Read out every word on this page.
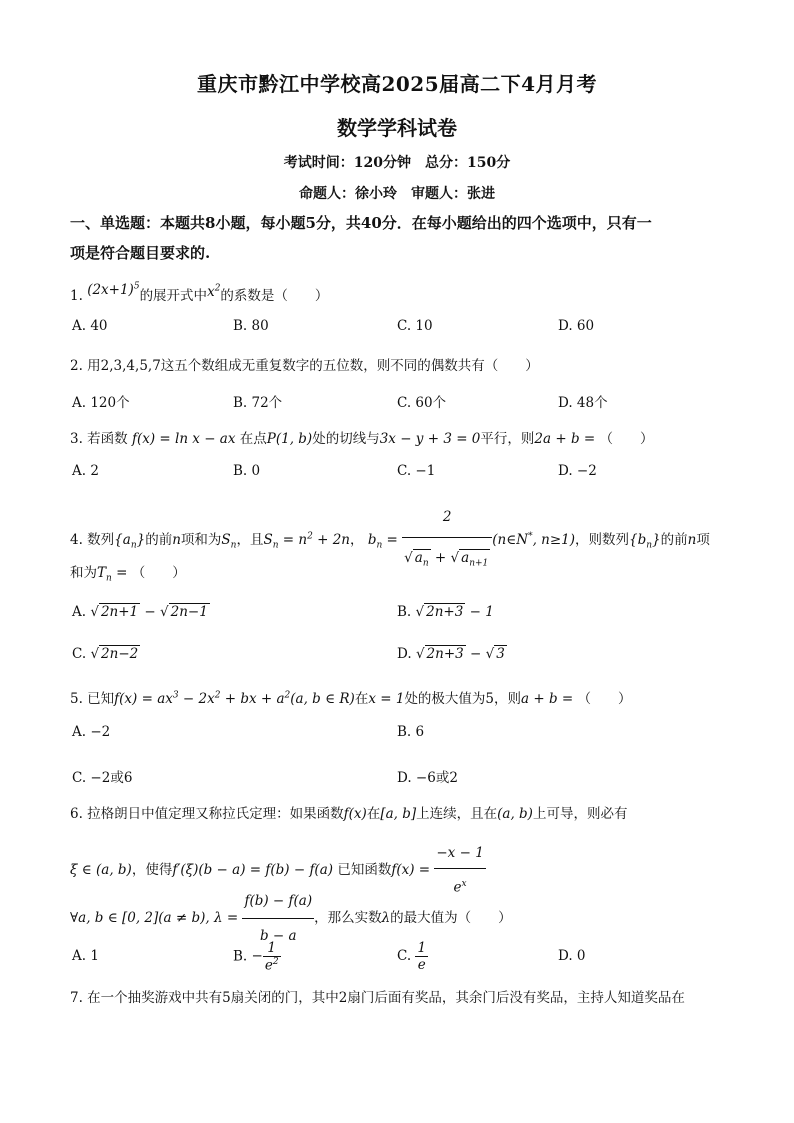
重庆市黔江中学校高2025届高二下4月月考
数学学科试卷
考试时间：120分钟　总分：150分
命题人：徐小玲　审题人：张进
一、单选题：本题共8小题，每小题5分，共40分．在每小题给出的四个选项中，只有一
项是符合题目要求的.
1. $(2x+1)^5$的展开式中$x^2$的系数是（　　）
A. 40	B. 80	C. 10	D. 60
2. 用2,3,4,5,7这五个数组成无重复数字的五位数，则不同的偶数共有（　　）
A. 120个	B. 72个	C. 60个	D. 48个
3. 若函数 f(x) = ln x − ax 在点P(1, b)处的切线与3x − y + 3 = 0平行，则2a + b = （　　）
A. 2	B. 0	C. −1	D. −2
4. 数列$\{a_n\}$的前n项和为$S_n$，且$S_n = n^2 + 2n$， $b_n = \frac{2}{√ a_n + √ a_{n+1}}$ (n∈N*, n≥1)，则数列$\{b_n\}$的前n项
和为$T_n$ = （　　）
A. √ 2n+1 − √ 2n−1	B. √ 2n+3 − 1
C. √ 2n−2	D. √ 2n+3 − √ 3
5. 已知$f(x) = ax^3 - 2x^2$ + bx + $a^2(a$, b ∈ R)在x = 1处的极大值为5，则a + b = （　　）
A. −2	B. 6
C. −2或6	D. −6或2
6. 拉格朗日中值定理又称拉氏定理：如果函数f(x)在[a, b]上连续，且在(a, b)上可导，则必有
ξ ∈ (a, b)，使得f′(ξ)(b − a) = f(b) − f(a) 已知函数$f(x) = \frac{-x - 1}{e^x}$
∀a, b ∈ [0, 2](a ≠ b), $\lambda = \frac{f(b) - f(a)}{b - a}$ ，那么实数λ的最大值为（　　）
A. 1	B. − $\frac{1}{e^2}$	C. $\frac{1}{e}$	D. 0
7. 在一个抽奖游戏中共有5扇关闭的门，其中2扇门后面有奖品，其余门后没有奖品，主持人知道奖品在
